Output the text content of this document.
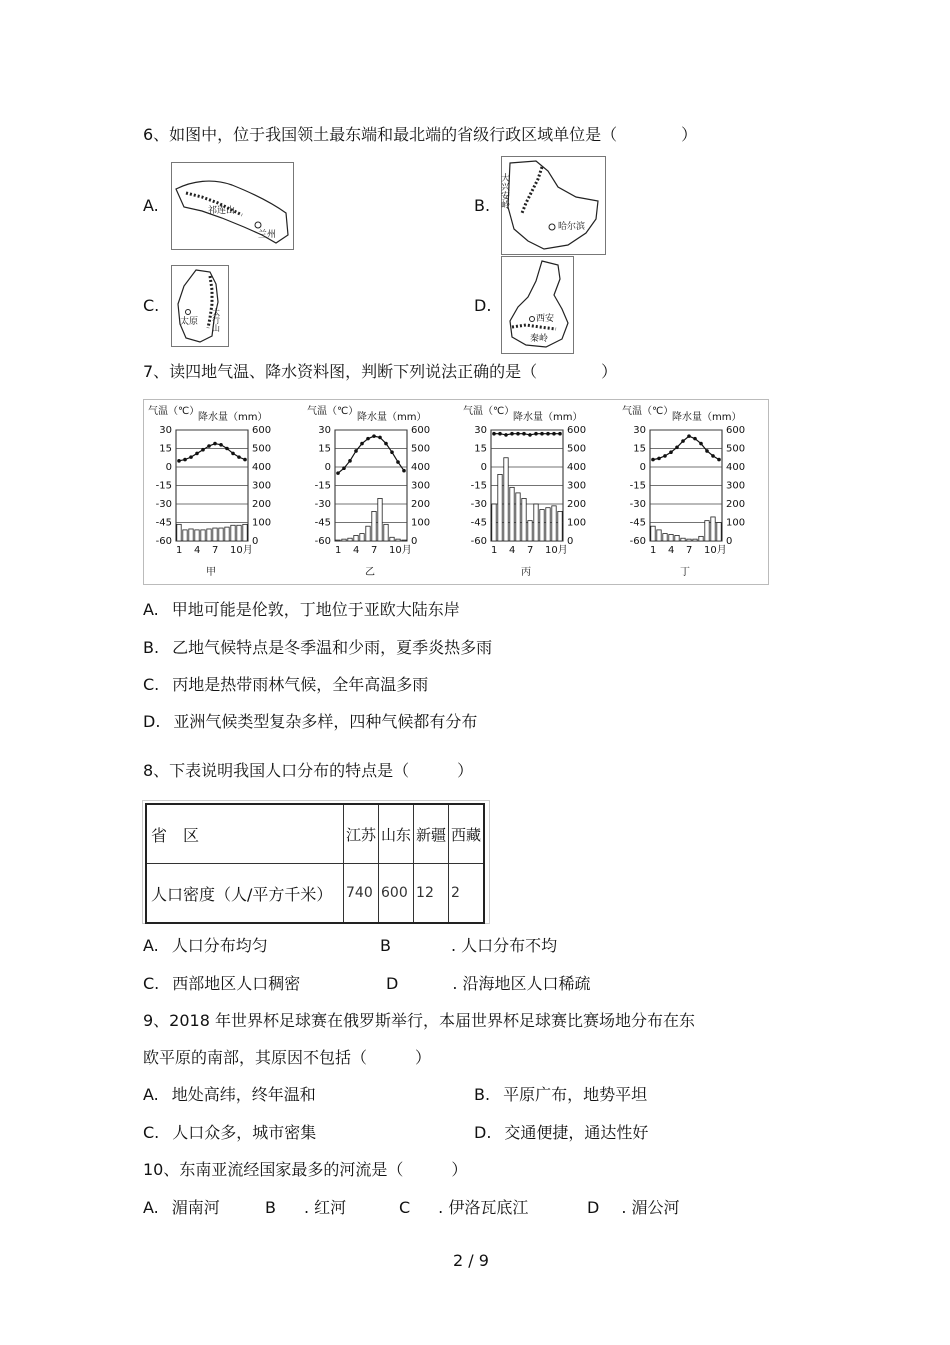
6、如图中，位于我国领土最东端和最北端的省级行政区域单位是（　　　　）
A.	祁连山
兰州
B. 大兴安岭
哈尔滨
C.
太原 太行山
D.
西安
秦岭
7、读四地气温、降水资料图，判断下列说法正确的是（　　　　）
气温（℃）
降水量（mm）
30	600
15	500
0	400
-15	300
-30	200
-45	100
-60	0
1 4 7 10月
甲
气温（℃）
降水量（mm）
30	600
15	500
0	400
-15	300
-30	200
-45	100
-60	0
1 4 7 10月
乙
气温（℃）
降水量（mm）
30	600
15	500
0	400
-15	300
-30	200
-45	100
-60	0
1 4 7 10月
丙
气温（℃）
降水量（mm）
30	600
15	500
0	400
-15	300
-30	200
-45	100
-60	0
1 4 7 10月
丁
A. 甲地可能是伦敦，丁地位于亚欧大陆东岸
B. 乙地气候特点是冬季温和少雨，夏季炎热多雨
C. 丙地是热带雨林气候，全年高温多雨
D. 亚洲气候类型复杂多样，四种气候都有分布
8、下表说明我国人口分布的特点是（　　　）
省　区	江苏	山东	新疆	西藏
人口密度（人/平方千米）	740	600	12	2
A. 人口分布均匀	B	. 人口分布不均
C. 西部地区人口稠密	D	. 沿海地区人口稀疏
9、2018 年世界杯足球赛在俄罗斯举行，本届世界杯足球赛比赛场地分布在东
欧平原的南部，其原因不包括（　　　）
A. 地处高纬，终年温和	B. 平原广布，地势平坦
C. 人口众多，城市密集	D. 交通便捷，通达性好
10、东南亚流经国家最多的河流是（　　　）
A. 湄南河	B . 红河	C . 伊洛瓦底江	D . 湄公河
2 / 9
